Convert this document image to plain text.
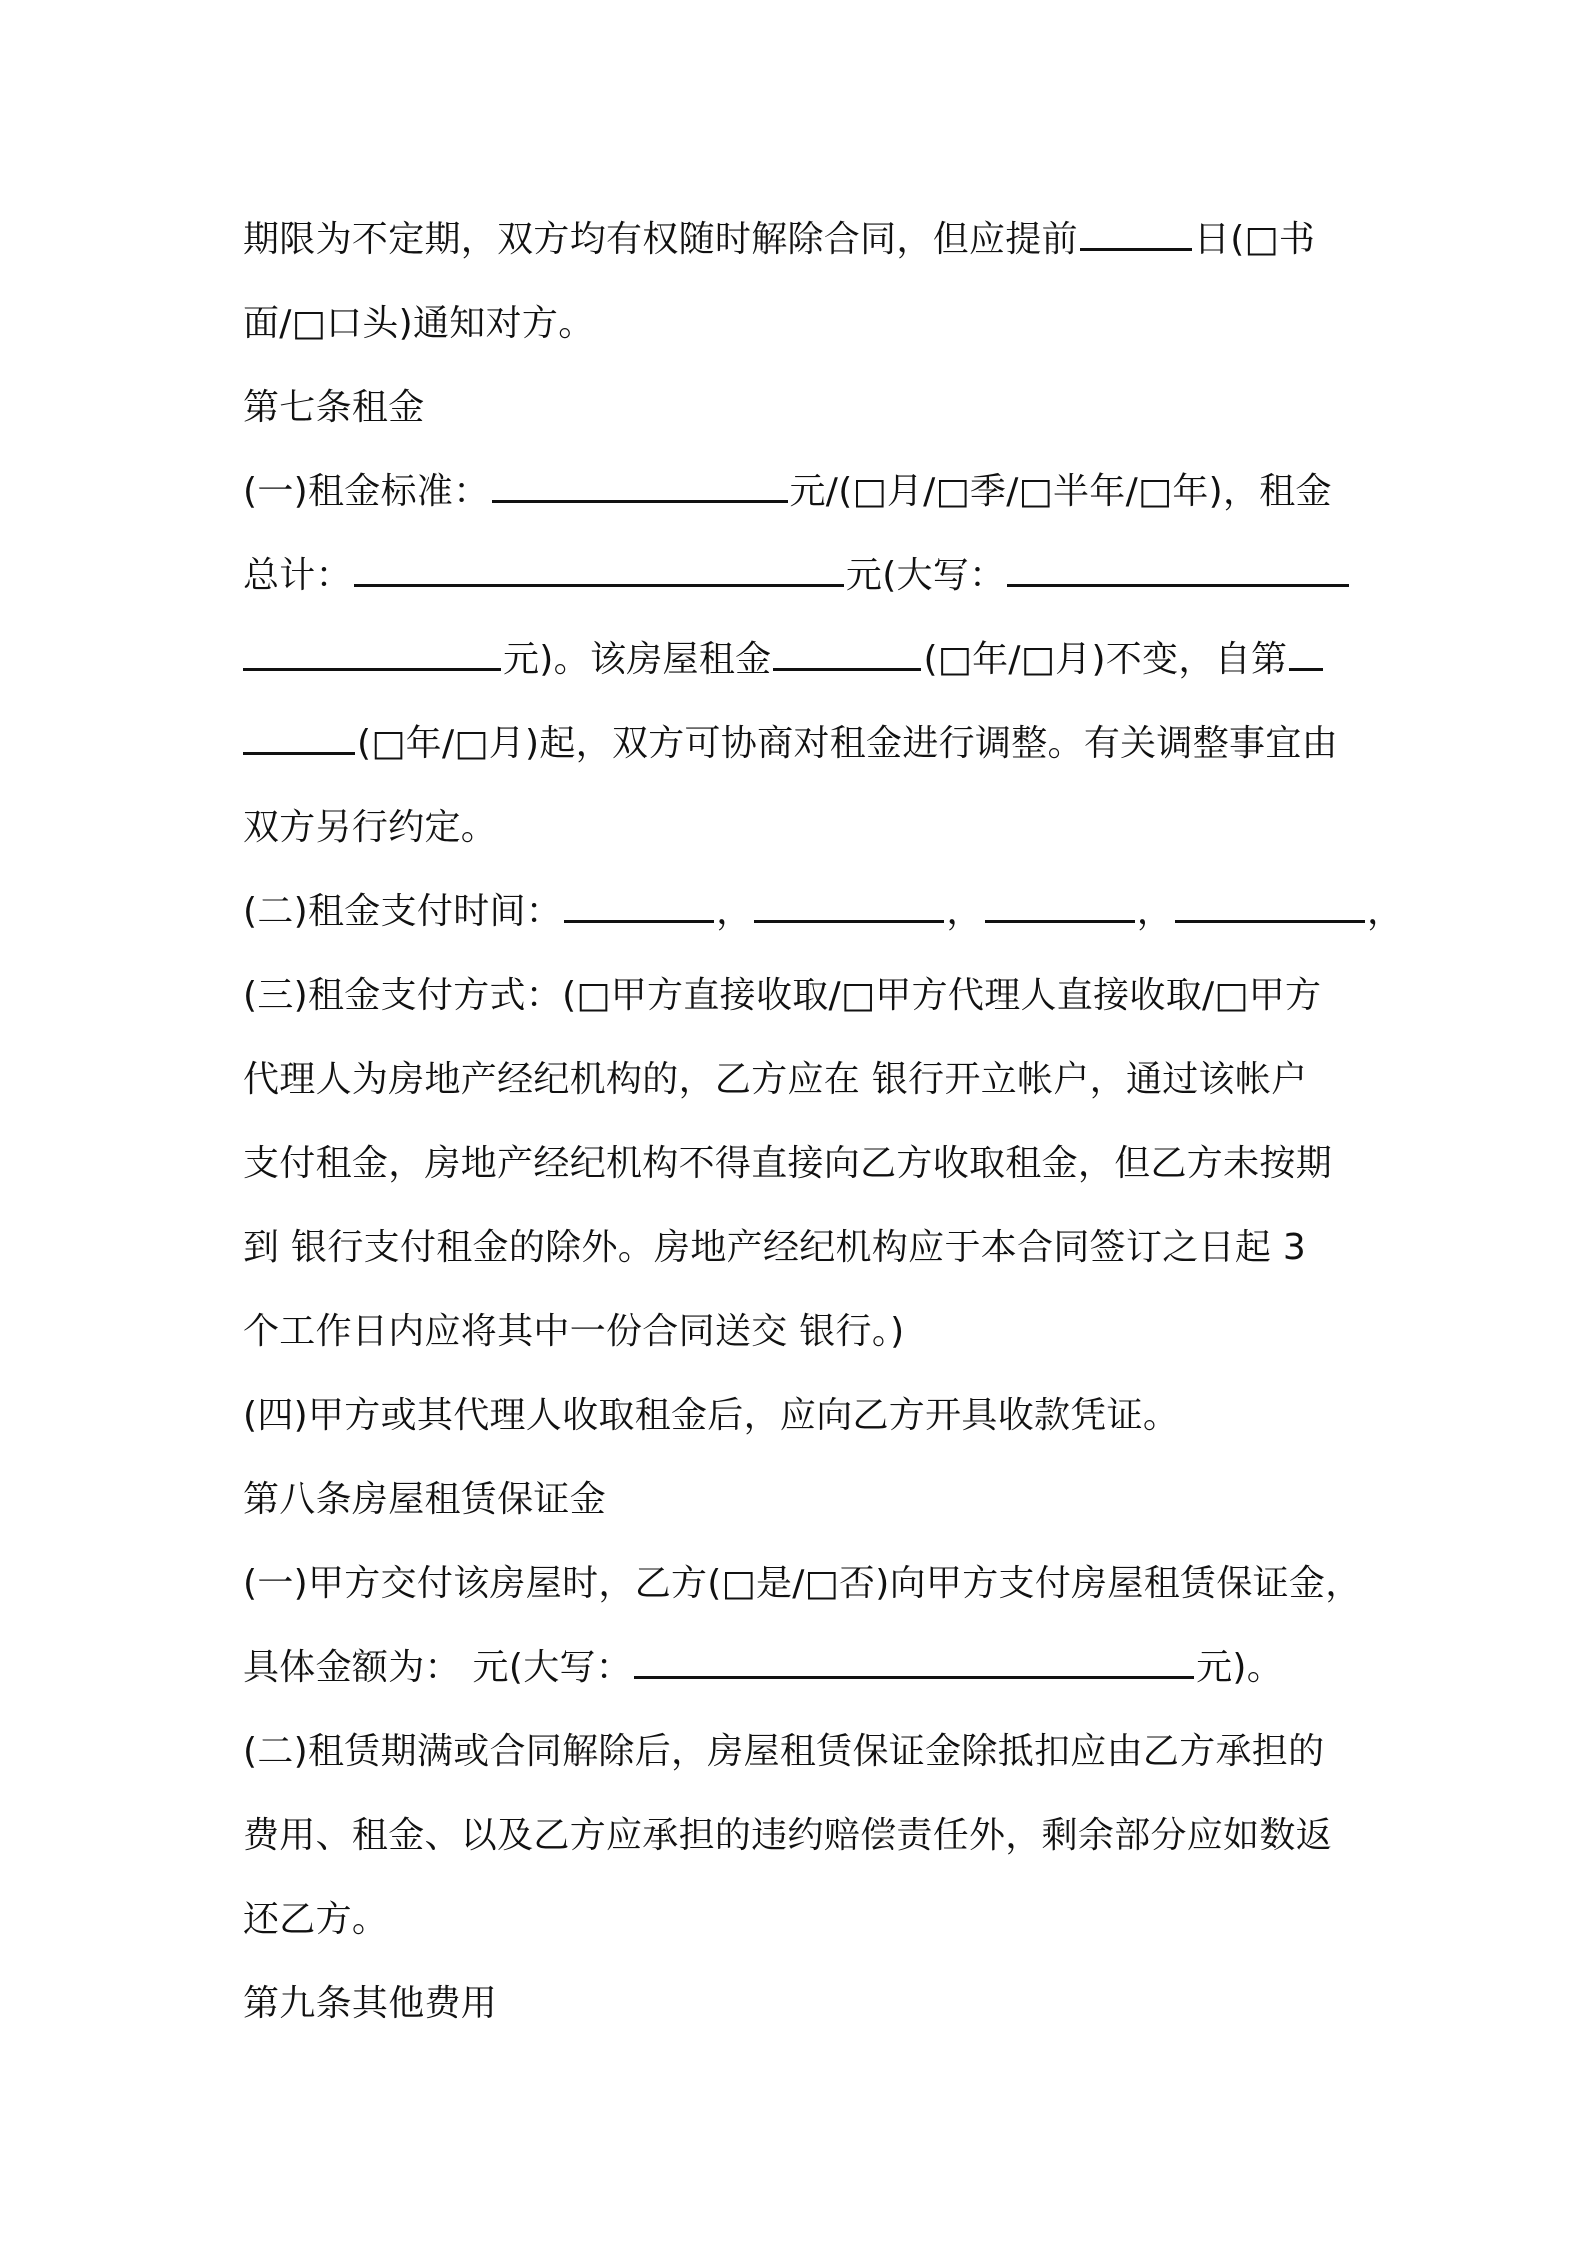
期限为不定期，双方均有权随时解除合同，但应提前	日(□书
面/□口头)通知对方。
第七条租金
(一)租金标准：	元/(□月/□季/□半年/□年)，租金
总计：	元(大写：
元)。该房屋租金	(□年/□月)不变，自第
(□年/□月)起，双方可协商对租金进行调整。有关调整事宜由
双方另行约定。
(二)租金支付时间：	，	，	，	，
(三)租金支付方式：(□甲方直接收取/□甲方代理人直接收取/□甲方
代理人为房地产经纪机构的，乙方应在 银行开立帐户，通过该帐户
支付租金，房地产经纪机构不得直接向乙方收取租金，但乙方未按期
到 银行支付租金的除外。房地产经纪机构应于本合同签订之日起 3
个工作日内应将其中一份合同送交 银行。)
(四)甲方或其代理人收取租金后，应向乙方开具收款凭证。
第八条房屋租赁保证金
(一)甲方交付该房屋时，乙方(□是/□否)向甲方支付房屋租赁保证金，
具体金额为： 元(大写：	元)。
(二)租赁期满或合同解除后，房屋租赁保证金除抵扣应由乙方承担的
费用、租金、以及乙方应承担的违约赔偿责任外，剩余部分应如数返
还乙方。
第九条其他费用
